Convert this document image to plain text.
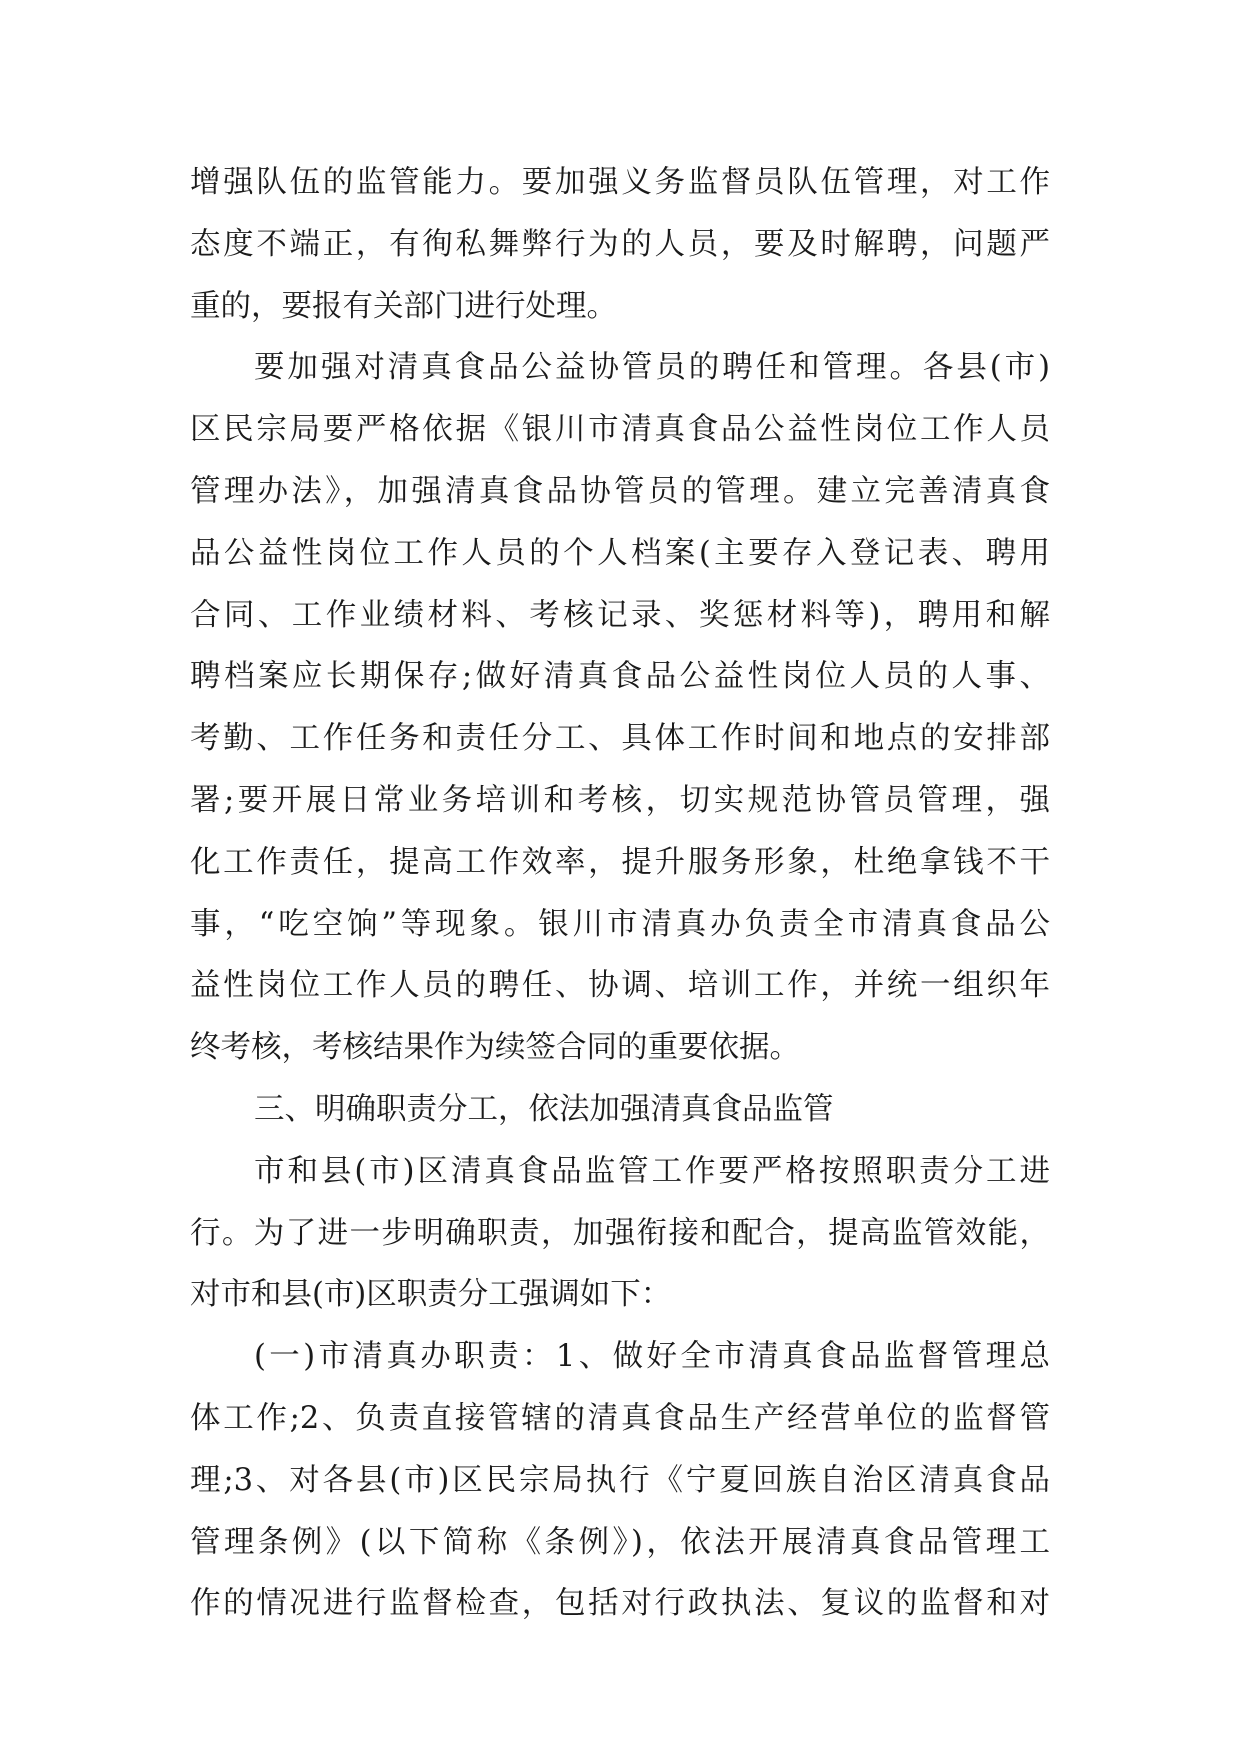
增强队伍的监管能力。要加强义务监督员队伍管理，对工作
态度不端正，有徇私舞弊行为的人员，要及时解聘，问题严
重的，要报有关部门进行处理。
要加强对清真食品公益协管员的聘任和管理。各县(市)
区民宗局要严格依据《银川市清真食品公益性岗位工作人员
管理办法》，加强清真食品协管员的管理。建立完善清真食
品公益性岗位工作人员的个人档案(主要存入登记表、聘用
合同、工作业绩材料、考核记录、奖惩材料等)，聘用和解
聘档案应长期保存;做好清真食品公益性岗位人员的人事、
考勤、工作任务和责任分工、具体工作时间和地点的安排部
署;要开展日常业务培训和考核，切实规范协管员管理，强
化工作责任，提高工作效率，提升服务形象，杜绝拿钱不干
事，“吃空饷”等现象。银川市清真办负责全市清真食品公
益性岗位工作人员的聘任、协调、培训工作，并统一组织年
终考核，考核结果作为续签合同的重要依据。
三、明确职责分工，依法加强清真食品监管
市和县(市)区清真食品监管工作要严格按照职责分工进
行。为了进一步明确职责，加强衔接和配合，提高监管效能，
对市和县(市)区职责分工强调如下：
(一)市清真办职责：1、做好全市清真食品监督管理总
体工作;2、负责直接管辖的清真食品生产经营单位的监督管
理;3、对各县(市)区民宗局执行《宁夏回族自治区清真食品
管理条例》(以下简称《条例》)，依法开展清真食品管理工
作的情况进行监督检查，包括对行政执法、复议的监督和对
